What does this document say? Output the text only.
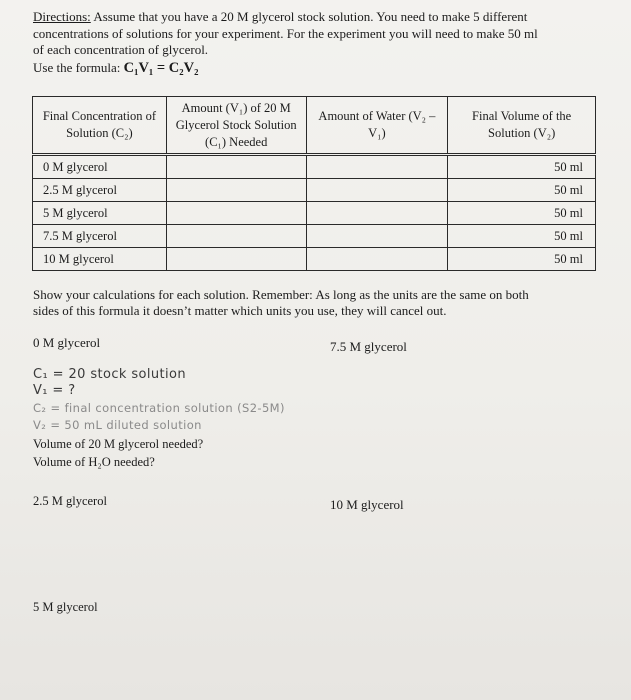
Directions: Assume that you have a 20 M glycerol stock solution. You need to make 5 different
concentrations of solutions for your experiment. For the experiment you will need to make 50 ml
of each concentration of glycerol.
Use the formula: C₁V₁ = C₂V₂
Final Concentration of Solution (C₂)	Amount (V₁) of 20 M Glycerol Stock Solution (C₁) Needed	Amount of Water (V₂ – V₁)	Final Volume of the Solution (V₂)
0 M glycerol			50 ml
2.5 M glycerol			50 ml
5 M glycerol			50 ml
7.5 M glycerol			50 ml
10 M glycerol			50 ml
Show your calculations for each solution. Remember: As long as the units are the same on both
sides of this formula it doesn’t matter which units you use, they will cancel out.
0 M glycerol	7.5 M glycerol
C₁ = 20 stock solution
V₁ = ?
C₂ = final concentration solution (S2-5M)
V₂ = 50 mL diluted solution
Volume of 20 M glycerol needed?
Volume of H₂O needed?
2.5 M glycerol	10 M glycerol
5 M glycerol
